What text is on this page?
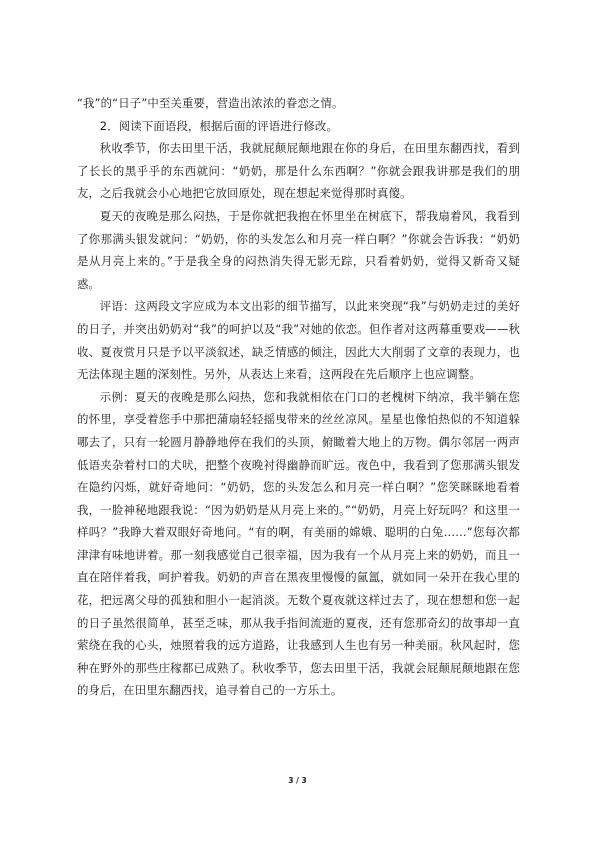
“我”的“日子”中至关重要，营造出浓浓的眷恋之情。

2．阅读下面语段，根据后面的评语进行修改。

秋收季节，你去田里干活，我就屁颠屁颠地跟在你的身后，在田里东翻西找，看到了长长的黑乎乎的东西就问：“奶奶，那是什么东西啊？”你就会跟我讲那是我们的朋友，之后我就会小心地把它放回原处，现在想起来觉得那时真傻。

夏天的夜晚是那么闷热，于是你就把我抱在怀里坐在树底下，帮我扇着风，我看到了你那满头银发就问：“奶奶，你的头发怎么和月亮一样白啊？”你就会告诉我：“奶奶是从月亮上来的。”于是我全身的闷热消失得无影无踪，只看着奶奶，觉得又新奇又疑惑。

评语：这两段文字应成为本文出彩的细节描写，以此来突现“我”与奶奶走过的美好的日子，并突出奶奶对“我”的呵护以及“我”对她的依恋。但作者对这两幕重要戏——秋收、夏夜赏月只是予以平淡叙述，缺乏情感的倾注，因此大大削弱了文章的表现力，也无法体现主题的深刻性。另外，从表达上来看，这两段在先后顺序上也应调整。

示例：夏天的夜晚是那么闷热，您和我就相依在门口的老槐树下纳凉，我半躺在您的怀里，享受着您手中那把蒲扇轻轻摇曳带来的丝丝凉风。星星也像怕热似的不知道躲哪去了，只有一轮圆月静静地停在我们的头顶，俯瞰着大地上的万物。偶尔邻居一两声低语夹杂着村口的犬吠，把整个夜晚衬得幽静而旷远。夜色中，我看到了您那满头银发在隐约闪烁，就好奇地问：“奶奶，您的头发怎么和月亮一样白啊？”您笑眯眯地看着我，一脸神秘地跟我说：“因为奶奶是从月亮上来的。”“奶奶，月亮上好玩吗？和这里一样吗？”我睁大着双眼好奇地问。“有的啊，有美丽的嫦娥、聪明的白兔……”您每次都津津有味地讲着。那一刻我感觉自己很幸福，因为我有一个从月亮上来的奶奶，而且一直在陪伴着我，呵护着我。奶奶的声音在黑夜里慢慢的氤氲，就如同一朵开在我心里的花，把远离父母的孤独和胆小一起消淡。无数个夏夜就这样过去了，现在想想和您一起的日子虽然很简单，甚至乏味，那从我手指间流逝的夏夜，还有您那奇幻的故事却一直萦绕在我的心头，烛照着我的远方道路，让我感到人生也有另一种美丽。秋风起时，您种在野外的那些庄稼都已成熟了。秋收季节，您去田里干活，我就会屁颠屁颠地跟在您的身后，在田里东翻西找，追寻着自己的一方乐土。

3 / 3
